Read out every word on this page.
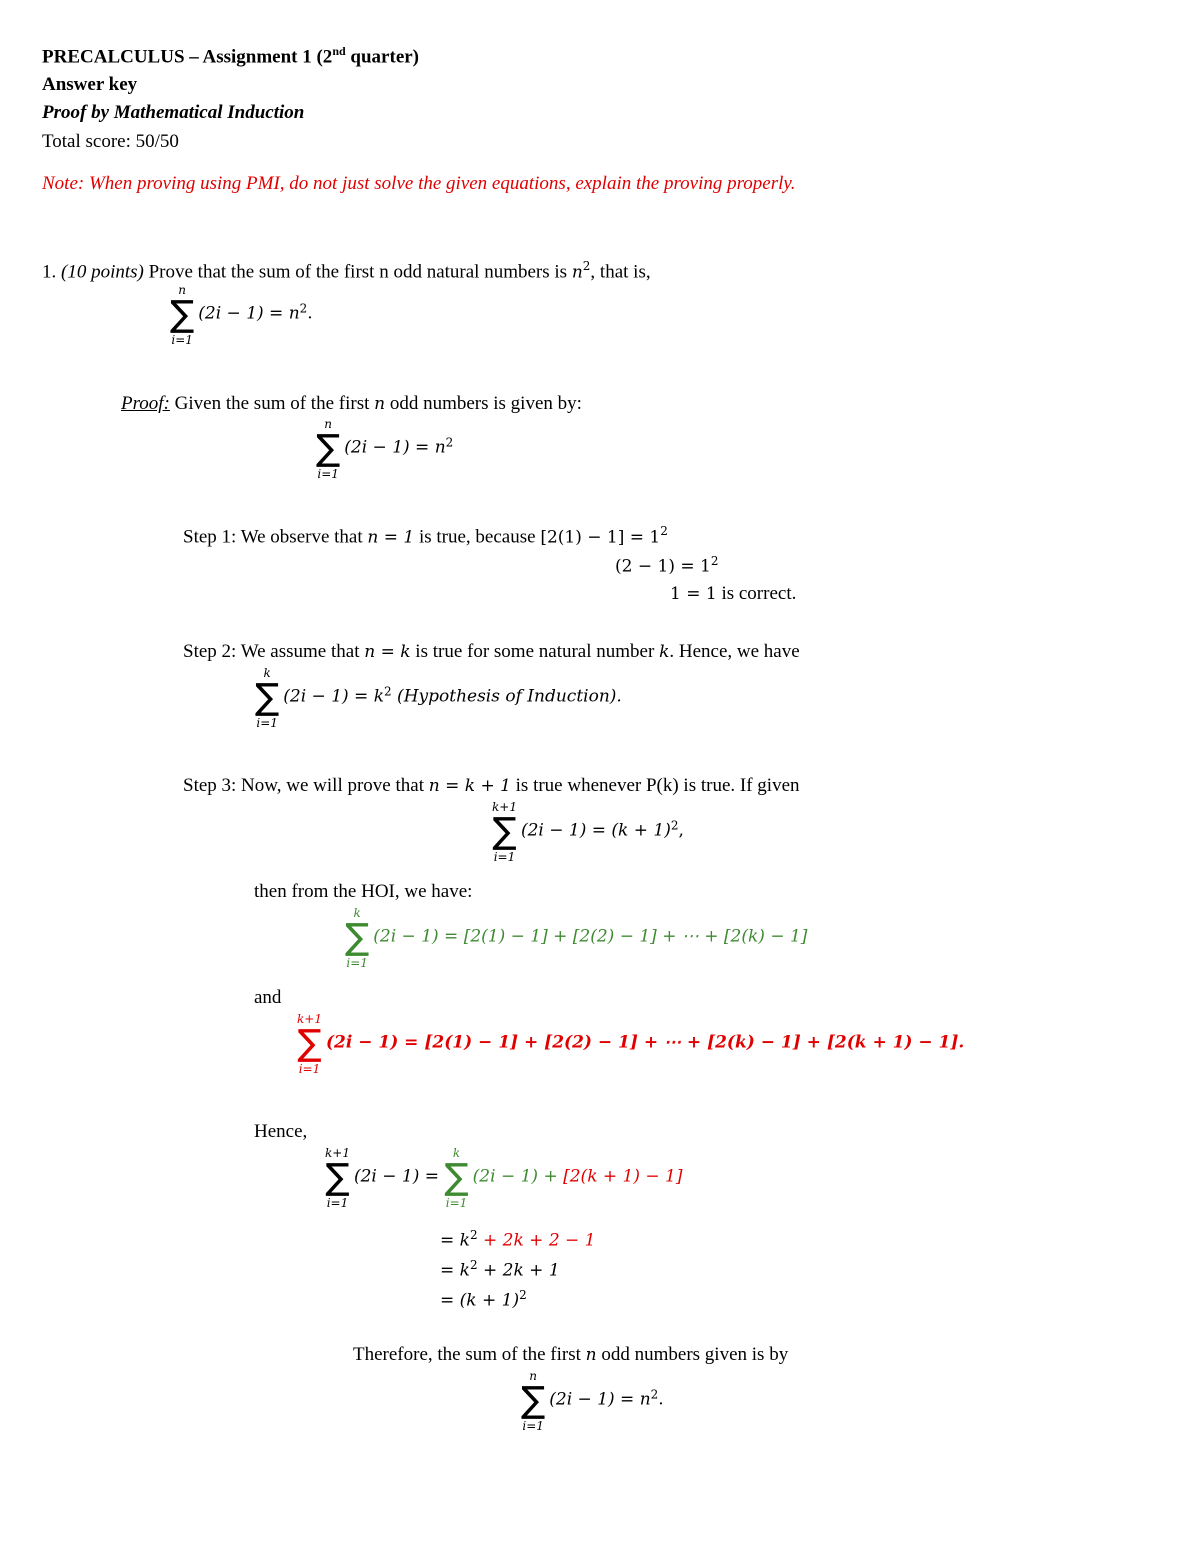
PRECALCULUS – Assignment 1 (2nd quarter)
Answer key
Proof by Mathematical Induction
Total score: 50/50
Note: When proving using PMI, do not just solve the given equations, explain the proving properly.
1. (10 points) Prove that the sum of the first n odd natural numbers is $n^2$, that is,
n
∑
i=1
$(2i - 1) = n^2$.
Proof: Given the sum of the first n odd numbers is given by:
n
∑
i=1
$(2i - 1) = n^2$
Step 1: We observe that n = 1 is true, because $[2(1) - 1] = 1^2$
$(2 - 1) = 1^2$
1 = 1 is correct.
Step 2: We assume that n = k is true for some natural number k. Hence, we have
k
∑
i=1
$(2i - 1) = k^2$ (Hypothesis of Induction).
Step 3: Now, we will prove that n = k + 1 is true whenever P(k) is true. If given
k+1
∑
i=1
$(2i - 1) = (k + 1)^2$,
then from the HOI, we have:
k
∑
i=1
(2i − 1) = [2(1) − 1] + [2(2) − 1] + ⋯ + [2(k) − 1]
and
k+1
∑
i=1
(2i − 1) = [2(1) − 1] + [2(2) − 1] + ⋯ + [2(k) − 1] + [2(k + 1) − 1].
Hence,
k+1
∑
i=1
(2i − 1) =
k
∑
i=1
(2i − 1) + [2(k + 1) − 1]
= $k^2 + 2k + 2 - 1$
= $k^2 + 2k + 1$
= $(k + 1)^2$
Therefore, the sum of the first n odd numbers given is by
n
∑
i=1
$(2i - 1) = n^2$.
